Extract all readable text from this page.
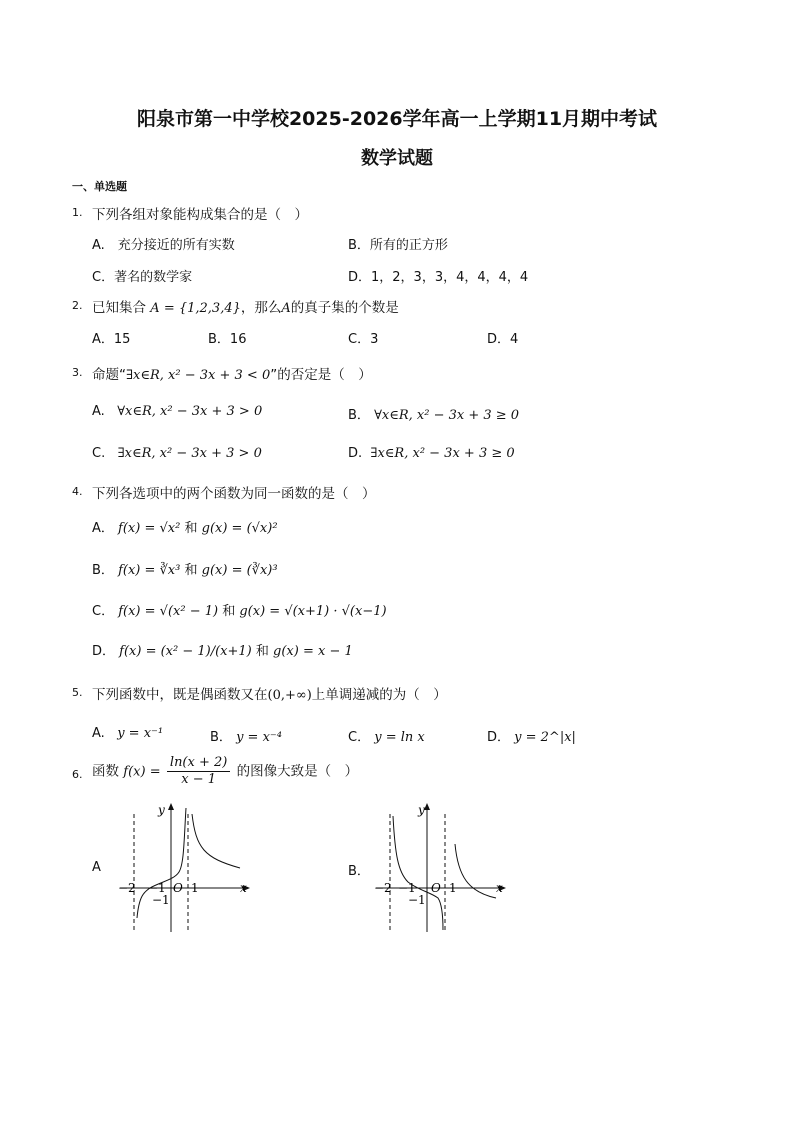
阳泉市第一中学校2025-2026学年高一上学期11月期中考试
数学试题
一、单选题
1. 下列各组对象能构成集合的是（　）
A.　充分接近的所有实数	B．所有的正方形
C．著名的数学家	D．1，2，3，3，4，4，4，4
2. 已知集合 A = {1,2,3,4}，那么A的真子集的个数是
A．15	B．16	C．3	D．4
3. 命题“∃x∈R, x² − 3x + 3 < 0”的否定是（　）
A. ∀x∈R, x² − 3x + 3 > 0	B． ∀x∈R, x² − 3x + 3 ≥ 0
C. ∃x∈R, x² − 3x + 3 > 0	D. ∃x∈R, x² − 3x + 3 ≥ 0
4. 下列各选项中的两个函数为同一函数的是（　）
A． f(x) = √x² 和 g(x) = (√x)²
B． f(x) = ∛x³ 和 g(x) = (∛x)³
C． f(x) = √(x² − 1) 和 g(x) = √(x+1) · √(x−1)
D． f(x) = (x² − 1)/(x+1) 和 g(x) = x − 1
5. 下列函数中，既是偶函数又在(0,+∞)上单调递减的为（　）
A. y = x⁻¹	B． y = x⁻⁴	C． y = ln x	D． y = 2^|x|
6. 函数 $f(x) = \frac{\ln(x + 2)}{x - 1}$ 的图像大致是（　）
A	B．
y
x
O
−2 −1 1
−1
y
x
O
−2 −1	1
−1
